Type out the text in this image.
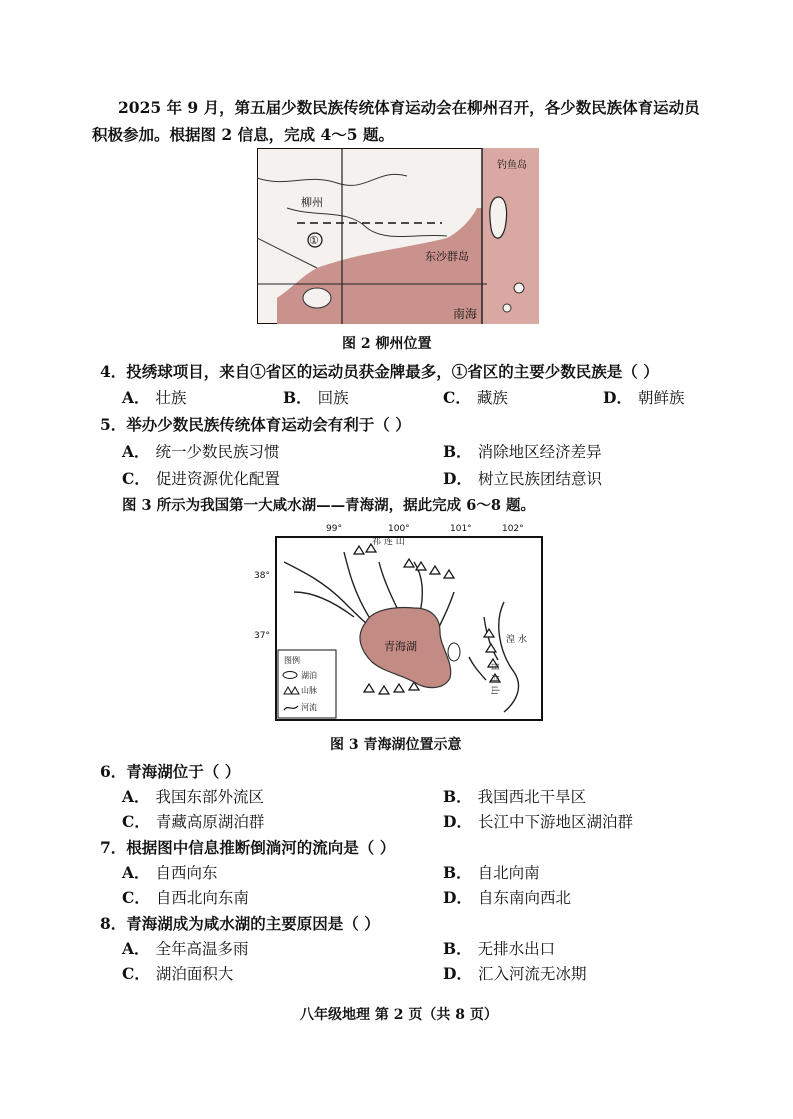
2025 年 9 月，第五届少数民族传统体育运动会在柳州召开，各少数民族体育运动员
积极参加。根据图 2 信息，完成 4～5 题。
①
柳州
东沙群岛
南海
钓鱼岛
图 2 柳州位置
4．投绣球项目，来自①省区的运动员获金牌最多，①省区的主要少数民族是（ ）
A． 壮族	B． 回族	C． 藏族	D． 朝鲜族
5．举办少数民族传统体育运动会有利于（ ）
A． 统一少数民族习惯	B． 消除地区经济差异
C． 促进资源优化配置	D． 树立民族团结意识
图 3 所示为我国第一大咸水湖——青海湖，据此完成 6～8 题。
99°	100°	101°	102°
38°
37°
青海湖
祁 连 山
日 月 山
湟 水
图例
湖泊
山脉
河流
图 3 青海湖位置示意
6．青海湖位于（ ）
A． 我国东部外流区	B． 我国西北干旱区
C． 青藏高原湖泊群	D． 长江中下游地区湖泊群
7．根据图中信息推断倒淌河的流向是（ ）
A． 自西向东	B． 自北向南
C． 自西北向东南	D． 自东南向西北
8．青海湖成为咸水湖的主要原因是（ ）
A． 全年高温多雨	B． 无排水出口
C． 湖泊面积大	D． 汇入河流无冰期
八年级地理 第 2 页（共 8 页）
